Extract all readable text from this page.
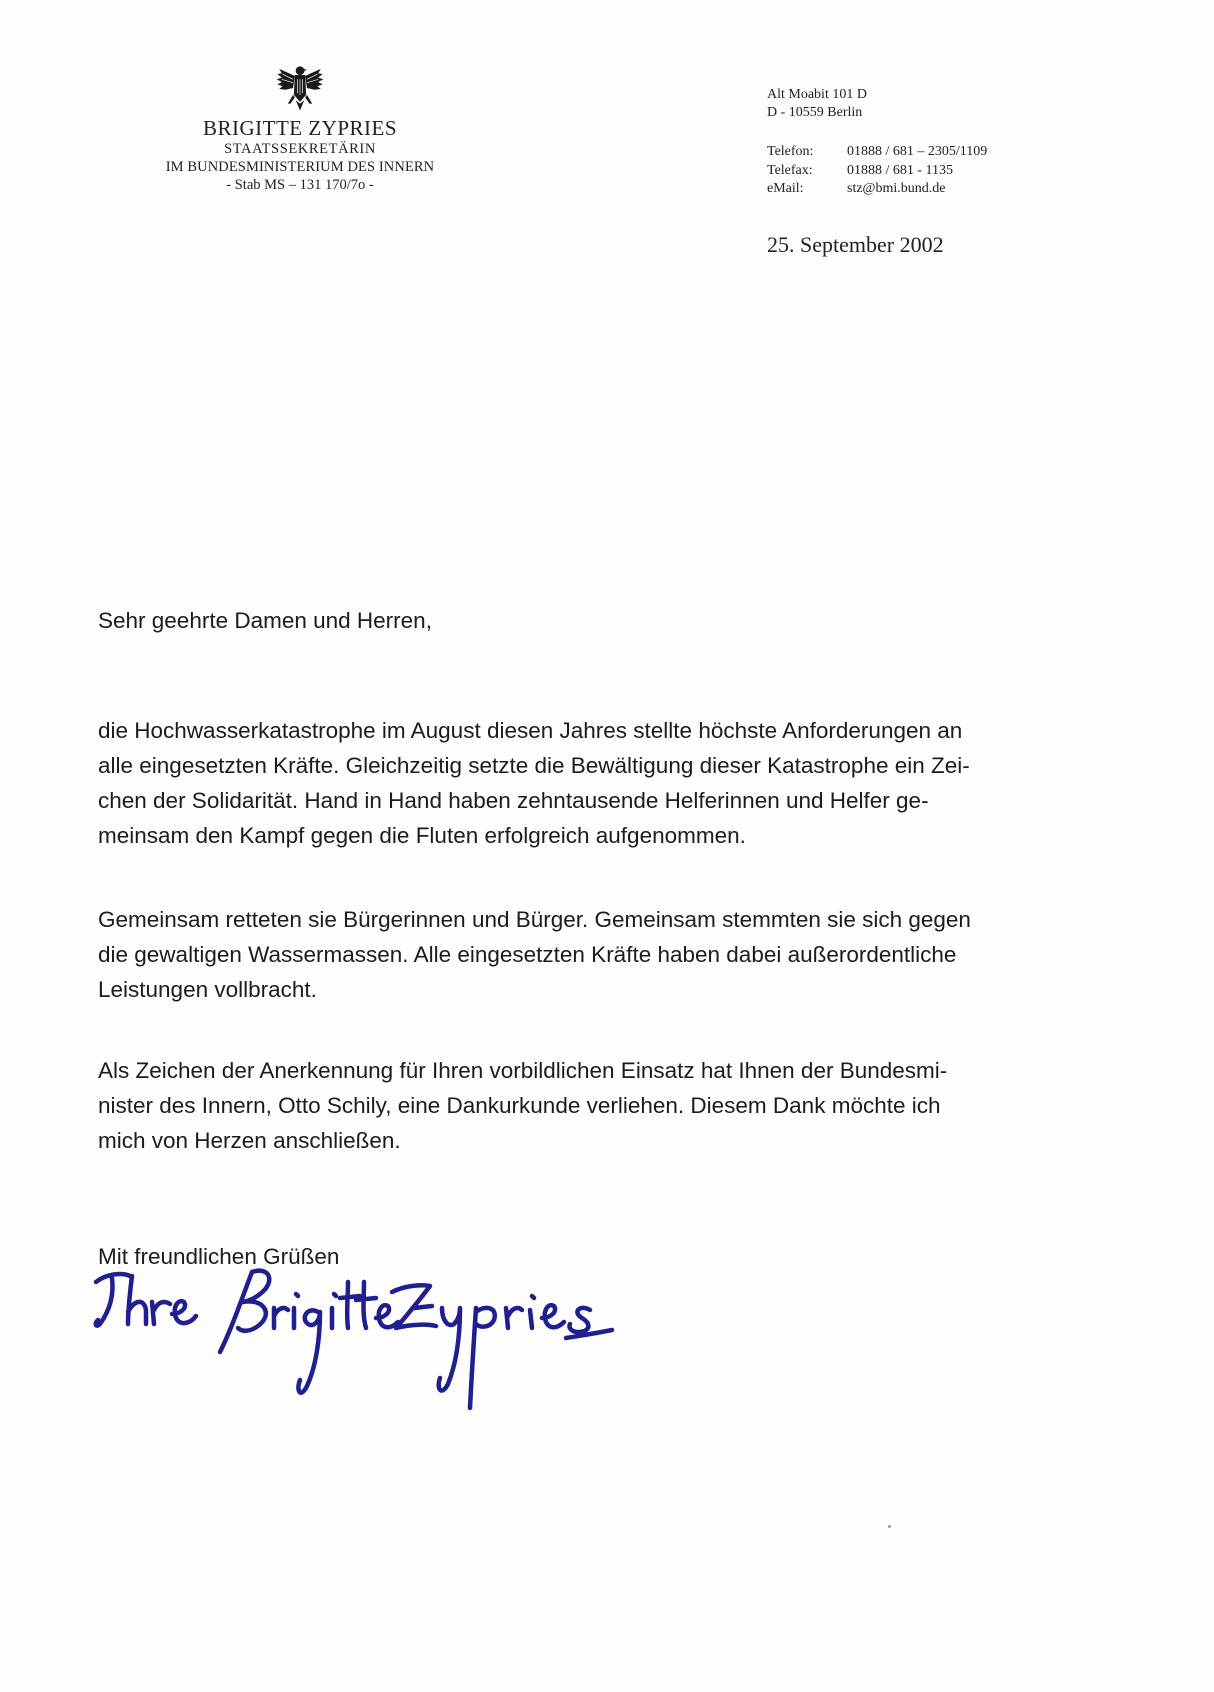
BRIGITTE ZYPRIES
STAATSSEKRETÄRIN
IM BUNDESMINISTERIUM DES INNERN
- Stab MS – 131 170/7o -
Alt Moabit 101 D
D - 10559 Berlin
Telefon:	01888 / 681 – 2305/1109
Telefax:	01888 / 681 - 1135
eMail:	stz@bmi.bund.de
25. September 2002
Sehr geehrte Damen und Herren,
die Hochwasserkatastrophe im August diesen Jahres stellte höchste Anforderungen an
alle eingesetzten Kräfte. Gleichzeitig setzte die Bewältigung dieser Katastrophe ein Zei-
chen der Solidarität. Hand in Hand haben zehntausende Helferinnen und Helfer ge-
meinsam den Kampf gegen die Fluten erfolgreich aufgenommen.
Gemeinsam retteten sie Bürgerinnen und Bürger. Gemeinsam stemmten sie sich gegen
die gewaltigen Wassermassen. Alle eingesetzten Kräfte haben dabei außerordentliche
Leistungen vollbracht.
Als Zeichen der Anerkennung für Ihren vorbildlichen Einsatz hat Ihnen der Bundesmi-
nister des Innern, Otto Schily, eine Dankurkunde verliehen. Diesem Dank möchte ich
mich von Herzen anschließen.
Mit freundlichen Grüßen
